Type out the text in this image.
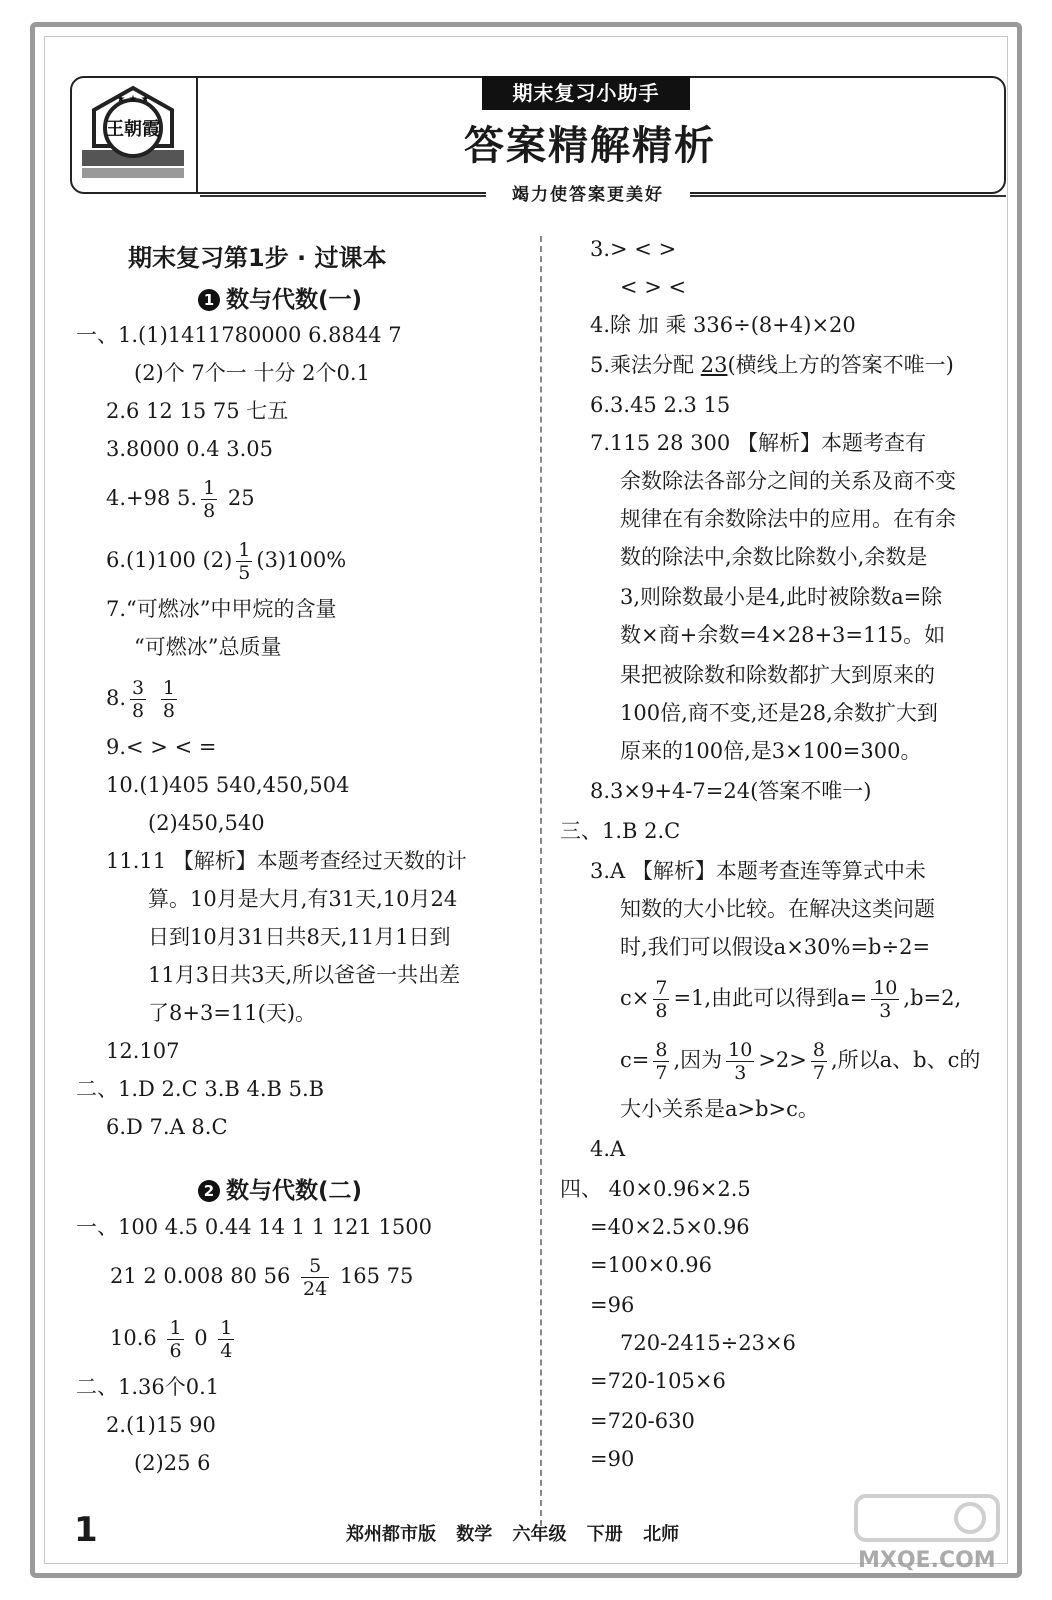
王朝霞
★ ★ ★	期末复习小助手
答案精解精析
竭力使答案更美好
期末复习第1步 · 过课本
1 数与代数(一)
一、1.(1)1411780000 6.8844 7
(2)个 7个一 十分 2个0.1
2.6 12 15 75 七五
3.8000 0.4 3.05
4.+98 5. $\frac{1}{8} 25$
6.(1)100 $(2) \frac{1}{5} (3)100\%$
7.“可燃冰”中甲烷的含量
“可燃冰”总质量
8. $\frac{3}{8}$
$\frac{1}{8}$
9.< > < =
10.(1)405 540,450,504
(2)450,540
11.11 【解析】本题考查经过天数的计
算。10月是大月,有31天,10月24
日到10月31日共8天,11月1日到
11月3日共3天,所以爸爸一共出差
了8+3=11(天)。
12.107
二、1.D 2.C 3.B 4.B 5.B
6.D 7.A 8.C
2 数与代数(二)
一、100 4.5 0.44 14 1 1 121 1500
21 2 0.008 80 $56 \frac{5}{24} 165$ 75
$10.6 \frac{1}{6} 0 \frac{1}{4}$
二、1.36个0.1
2.(1)15 90
(2)25 6
3.> < >
< > <
4.除 加 乘 336÷(8+4)×20
5.乘法分配 23(横线上方的答案不唯一)
6.3.45 2.3 15
7.115 28 300 【解析】本题考查有
余数除法各部分之间的关系及商不变
规律在有余数除法中的应用。在有余
数的除法中,余数比除数小,余数是
3,则除数最小是4,此时被除数a=除
数×商+余数=4×28+3=115。如
果把被除数和除数都扩大到原来的
100倍,商不变,还是28,余数扩大到
原来的100倍,是3×100=300。
8.3×9+4-7=24(答案不唯一)
三、1.B 2.C
3.A 【解析】本题考查连等算式中未
知数的大小比较。在解决这类问题
时,我们可以假设a×30%=b÷2=
$c\times \frac{7}{8} =1$,由此可以得到$a= \frac{10}{3} ,b=2$,
$c= \frac{8}{7}$ ,因为 $\frac{10}{3} >2> \frac{8}{7}$ ,所以a、b、c的
大小关系是a>b>c。
4.A
四、 40×0.96×2.5
=40×2.5×0.96
=100×0.96
=96
720-2415÷23×6
=720-105×6
=720-630
=90
1	郑州都市版 数学 六年级 下册 北师
MXQE.COM
